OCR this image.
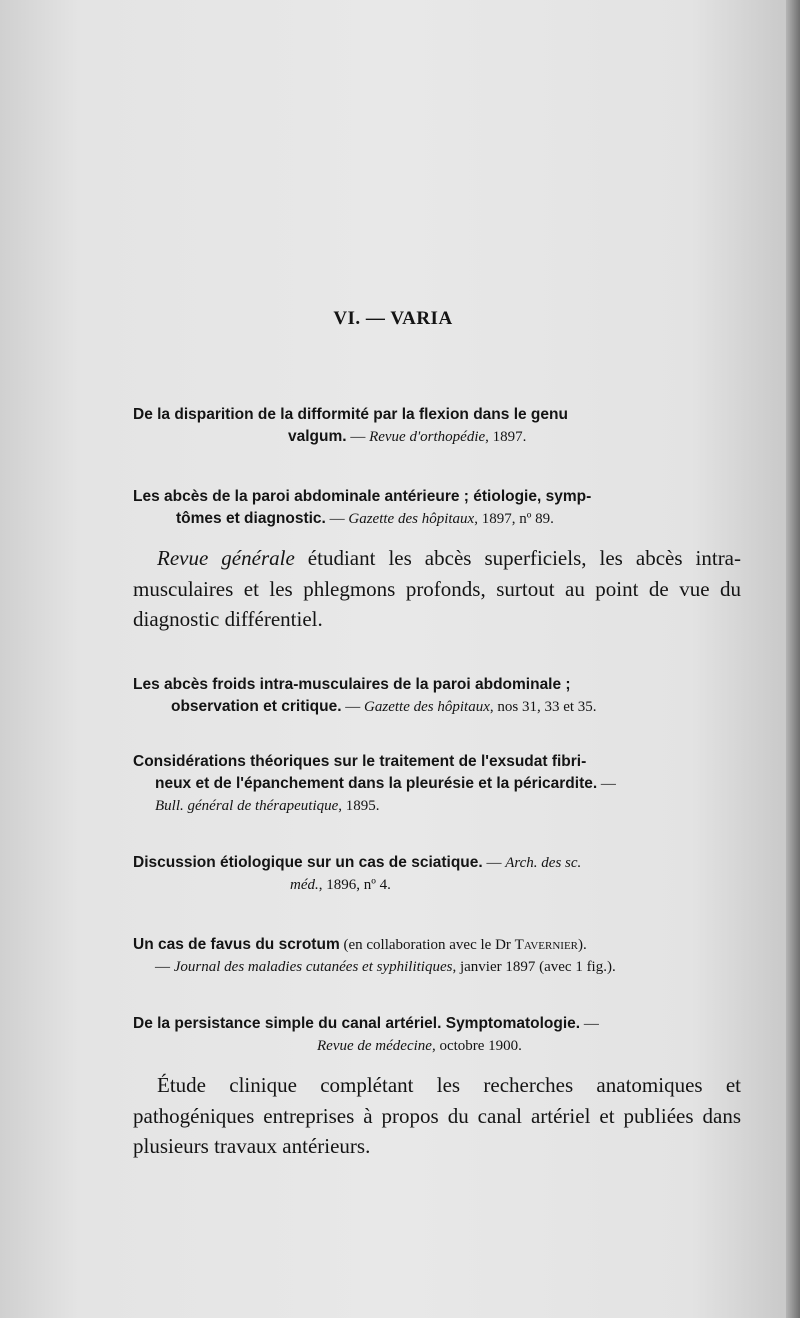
VI. — VARIA
De la disparition de la difformité par la flexion dans le genu
valgum. — Revue d'orthopédie, 1897.
Les abcès de la paroi abdominale antérieure ; étiologie, symp-
tômes et diagnostic. — Gazette des hôpitaux, 1897, nº 89.
Revue générale étudiant les abcès superficiels, les abcès intra-musculaires et les phlegmons profonds, surtout au point de vue du diagnostic différentiel.
Les abcès froids intra-musculaires de la paroi abdominale ;
observation et critique. — Gazette des hôpitaux, nos 31, 33 et 35.
Considérations théoriques sur le traitement de l'exsudat fibri-
neux et de l'épanchement dans la pleurésie et la péricardite. —
Bull. général de thérapeutique, 1895.
Discussion étiologique sur un cas de sciatique. — Arch. des sc.
méd., 1896, nº 4.
Un cas de favus du scrotum (en collaboration avec le Dr Tavernier).
— Journal des maladies cutanées et syphilitiques, janvier 1897 (avec 1 fig.).
De la persistance simple du canal artériel. Symptomatologie. —
Revue de médecine, octobre 1900.
Étude clinique complétant les recherches anatomiques et pathogéniques entreprises à propos du canal artériel et publiées dans plusieurs travaux antérieurs.
